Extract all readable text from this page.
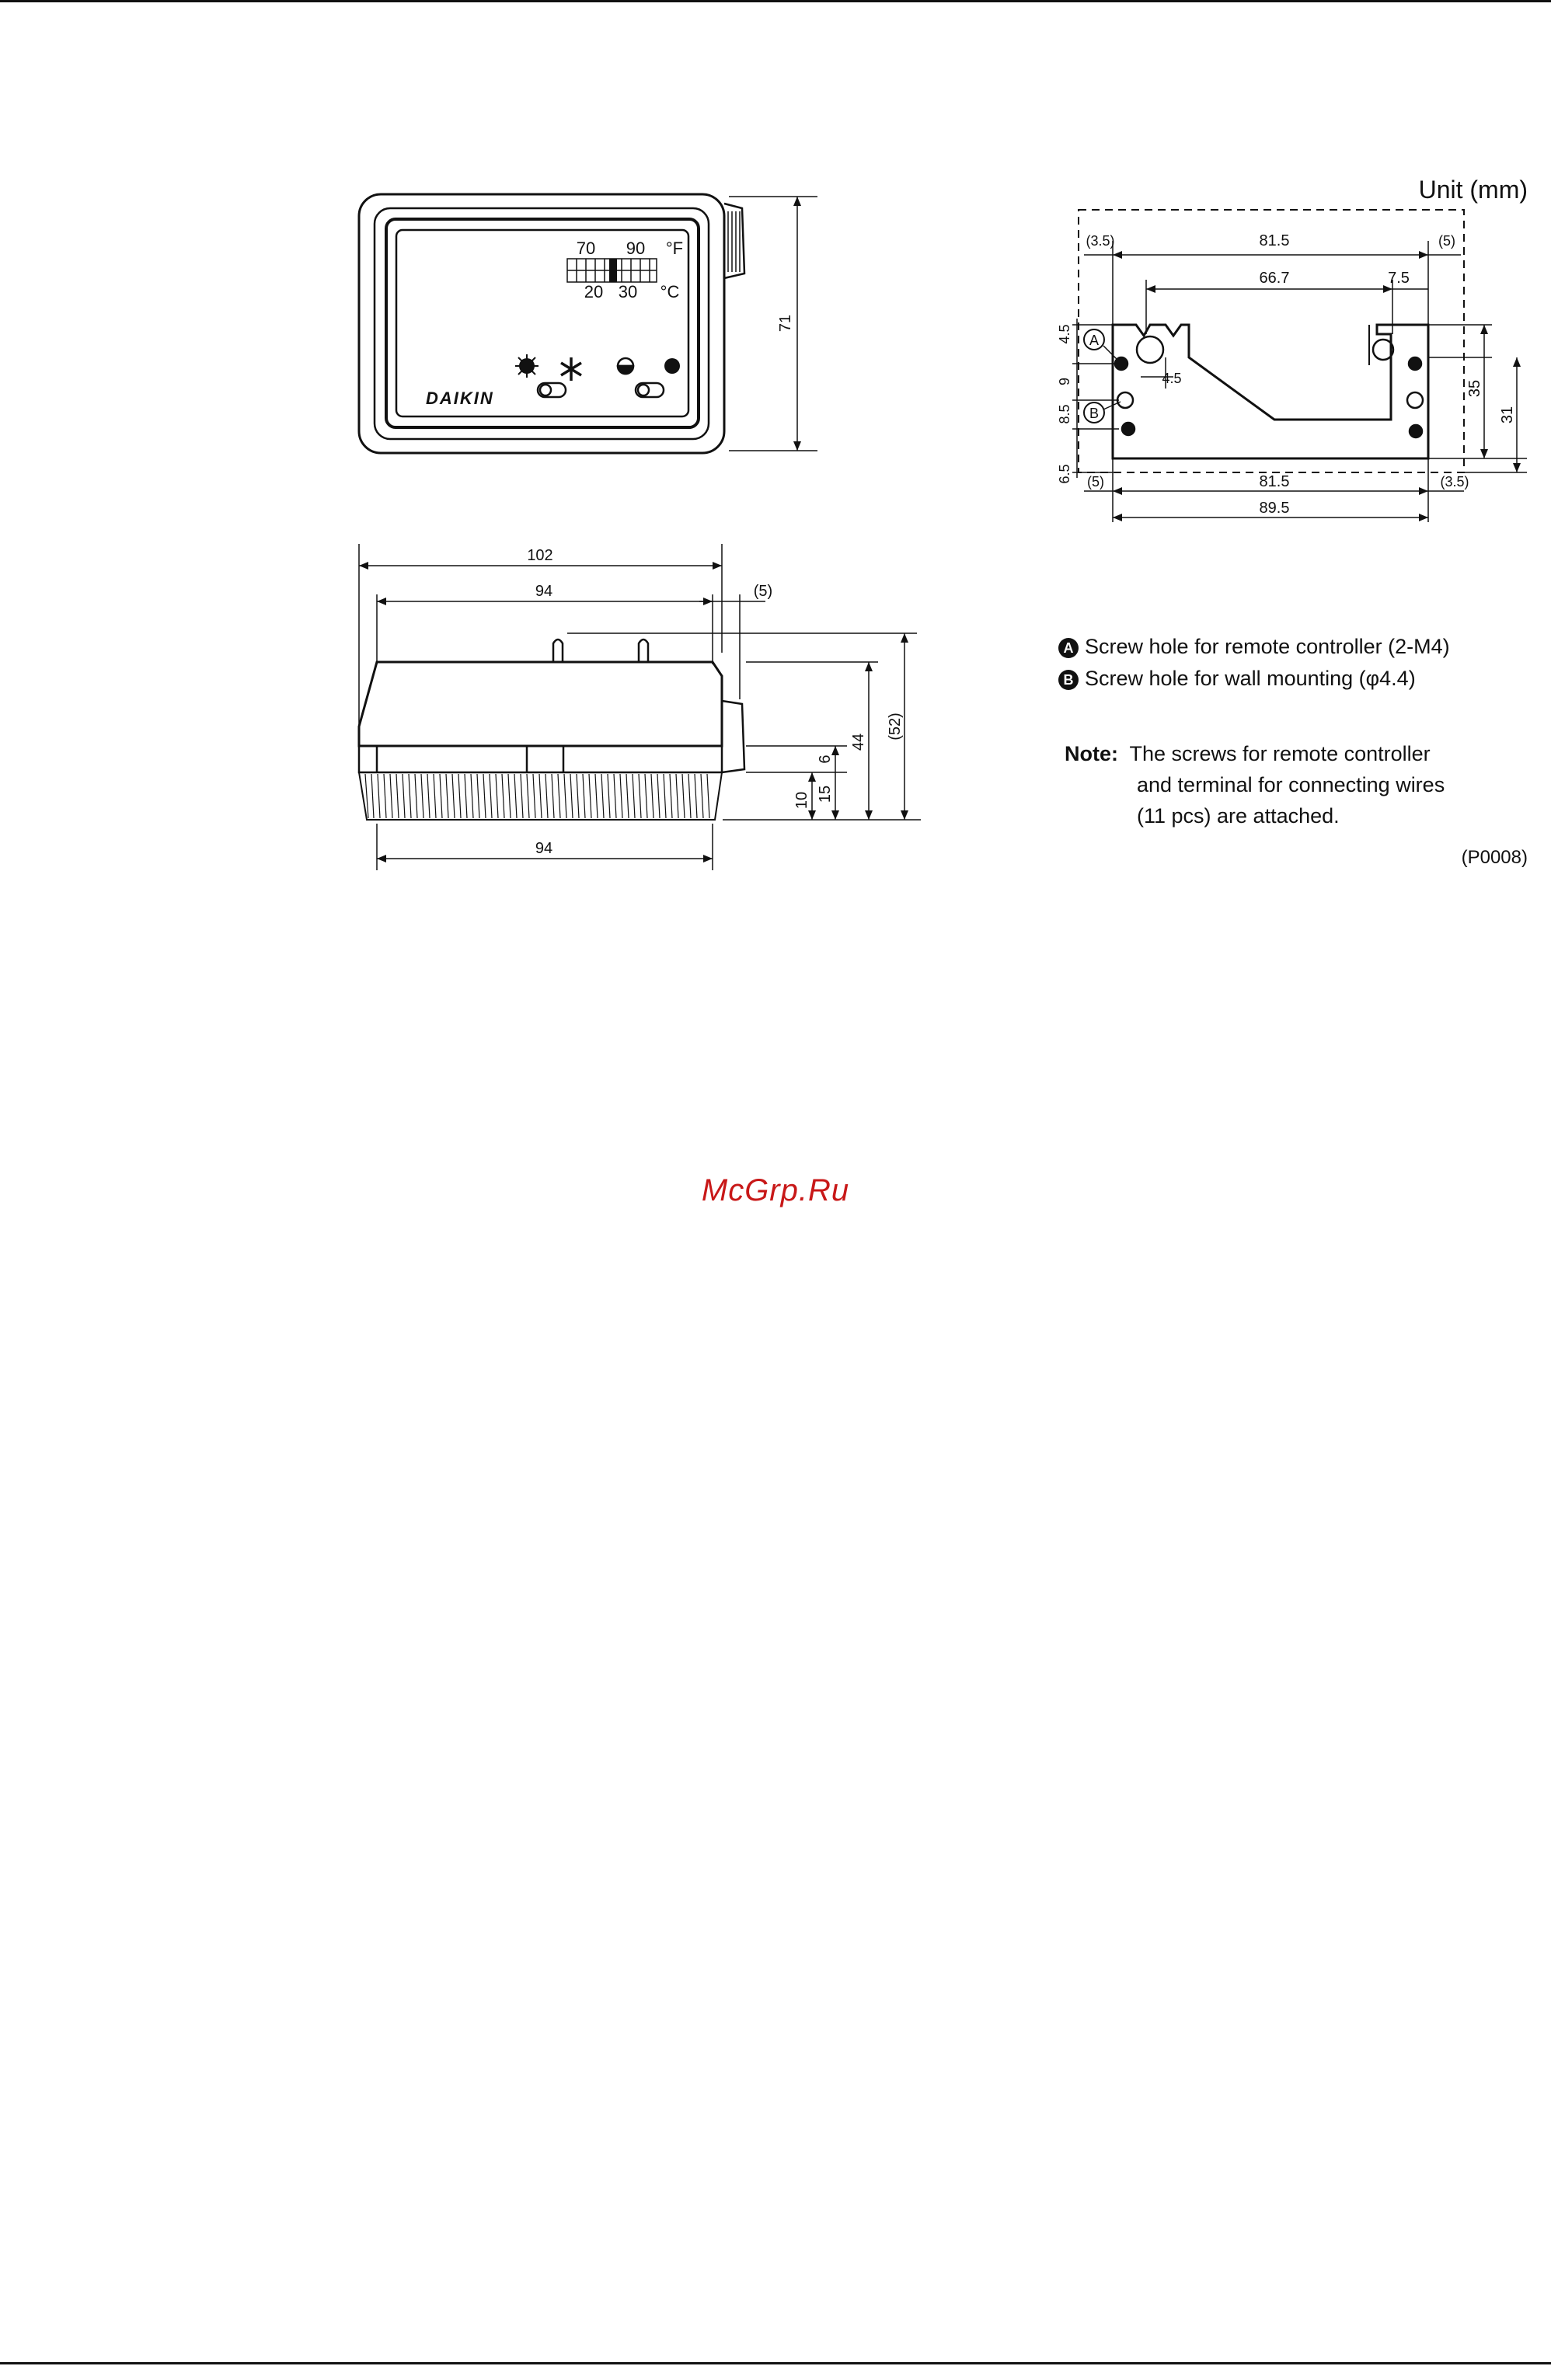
70 90 °F
20 30 °C
DAIKIN
71
102
94	(5)
94
(52)
44
6
15
10
(3.5)	81.5	(5)
66.7	7.5
4.5
4.5
9
8.5
6.5
35
31
(5)	81.5	(3.5)
89.5
A
B
Unit (mm)
A Screw hole for remote controller (2-M4)
B Screw hole for wall mounting (φ4.4)
Note: The screws for remote controller
and terminal for connecting wires
(11 pcs) are attached.
(P0008)
McGrp.Ru
